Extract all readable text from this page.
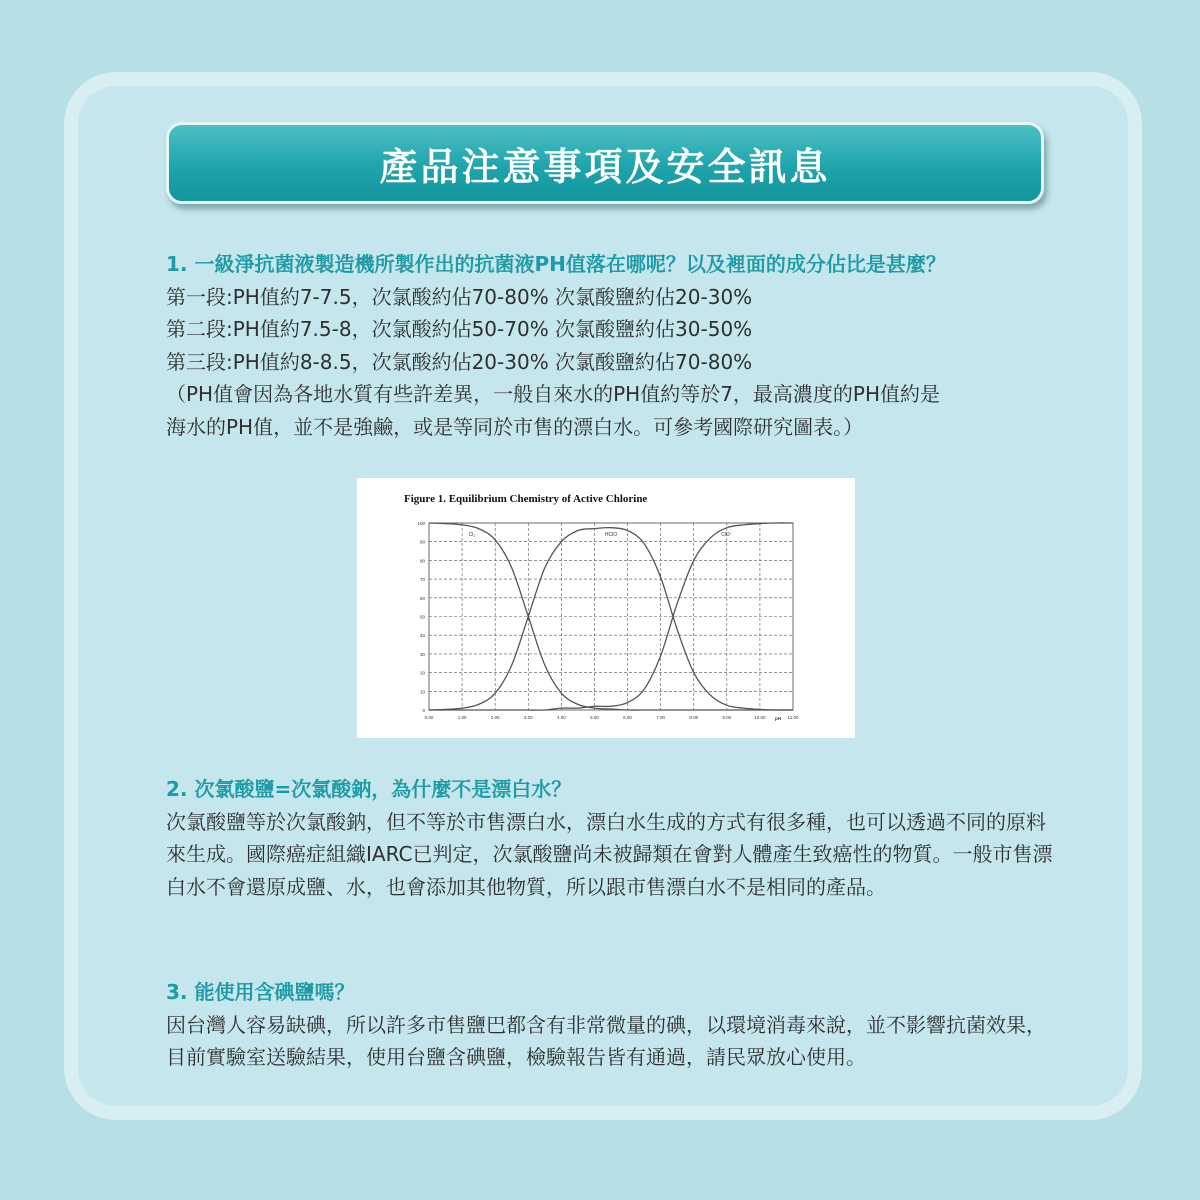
產品注意事項及安全訊息

1. 一級淨抗菌液製造機所製作出的抗菌液PH值落在哪呢？以及裡面的成分佔比是甚麼？

第一段:PH值約7-7.5，次氯酸約佔70-80% 次氯酸鹽約佔20-30%

第二段:PH值約7.5-8，次氯酸約佔50-70% 次氯酸鹽約佔30-50%

第三段:PH值約8-8.5，次氯酸約佔20-30% 次氯酸鹽約佔70-80%

（PH值會因為各地水質有些許差異，一般自來水的PH值約等於7，最高濃度的PH值約是

海水的PH值，並不是強鹼，或是等同於市售的漂白水。可參考國際研究圖表。）

Figure 1. Equilibrium Chemistry of Active Chlorine
0
10
20
30
40
50
60
70
80
90
100
0.00	1.00	2.00	3.00	4.00	5.00	6.00	7.00	8.00	9.00	10.00	11.00
pH
Cl₂	HClO	ClO⁻

2. 次氯酸鹽=次氯酸鈉，為什麼不是漂白水？

次氯酸鹽等於次氯酸鈉，但不等於市售漂白水，漂白水生成的方式有很多種，也可以透過不同的原料來生成。國際癌症組織IARC已判定，次氯酸鹽尚未被歸類在會對人體產生致癌性的物質。一般市售漂白水不會還原成鹽、水，也會添加其他物質，所以跟市售漂白水不是相同的產品。

3. 能使用含碘鹽嗎？

因台灣人容易缺碘，所以許多市售鹽巴都含有非常微量的碘，以環境消毒來說，並不影響抗菌效果，目前實驗室送驗結果，使用台鹽含碘鹽，檢驗報告皆有通過，請民眾放心使用。
